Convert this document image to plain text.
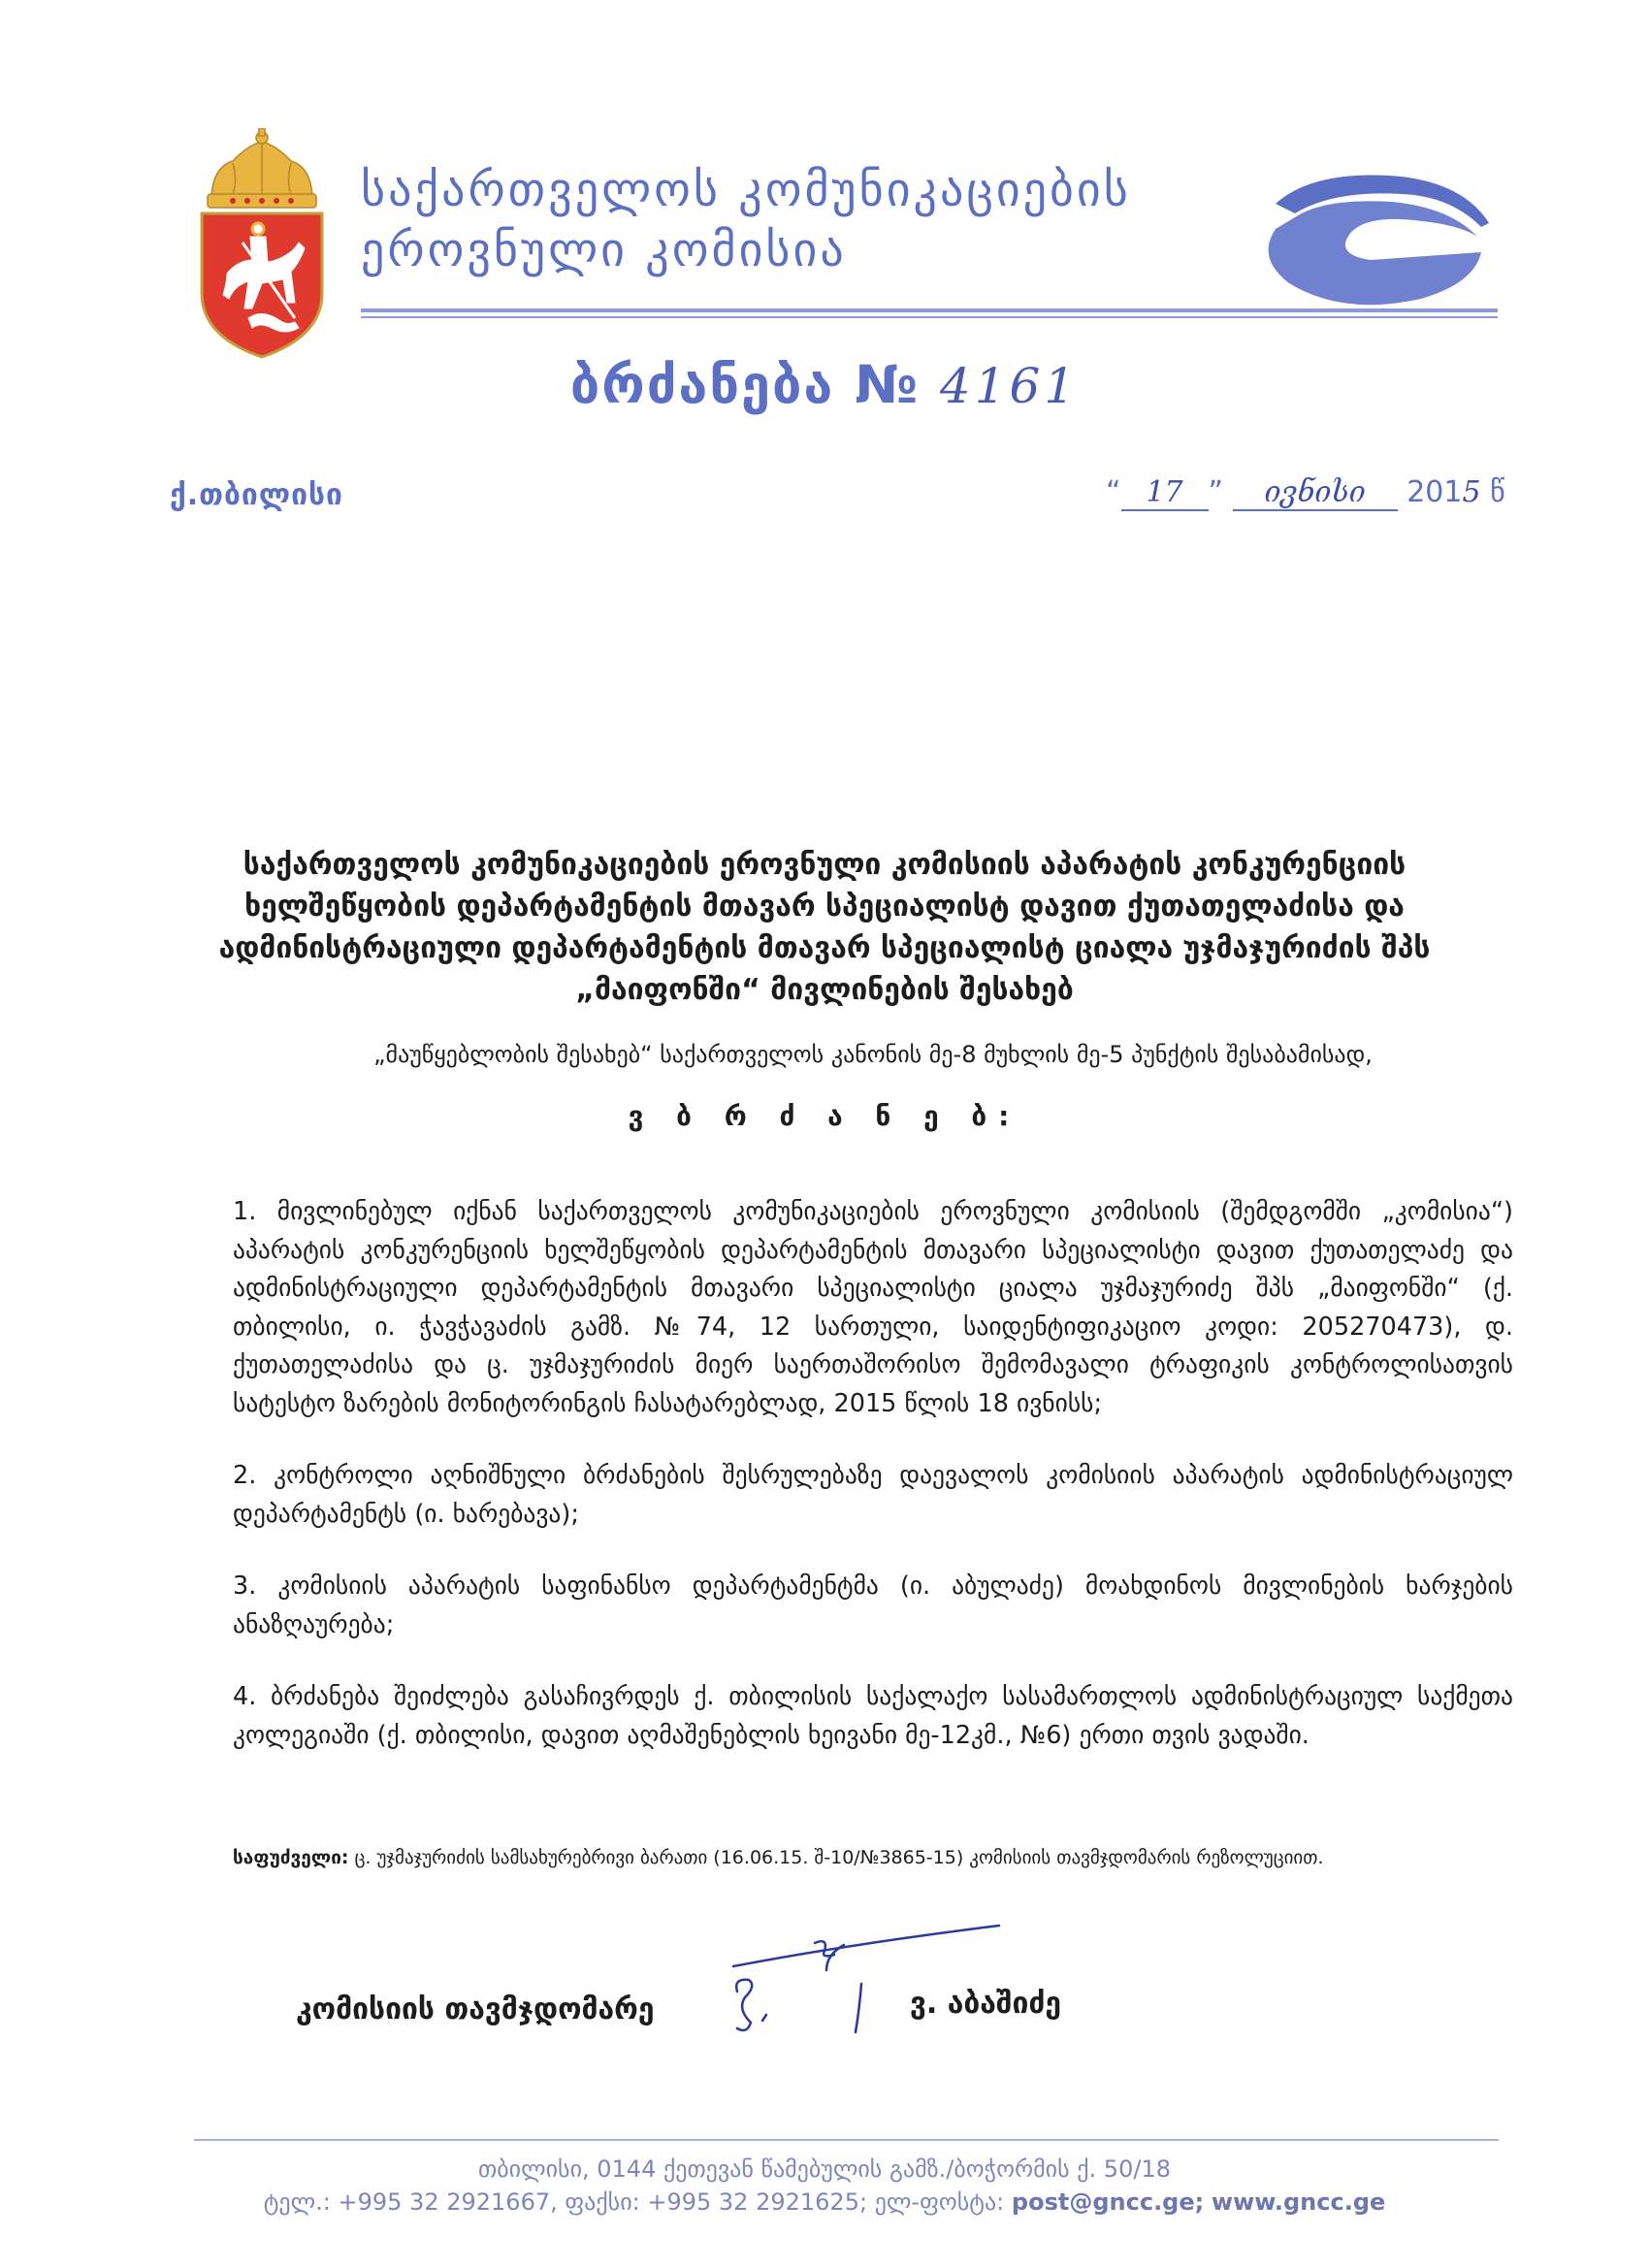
საქართველოს კომუნიკაციების
ეროვნული კომისია
ბრძანება № 4161
ქ.თბილისი	“ 17 ” ივნისი 2015 წ
საქართველოს კომუნიკაციების ეროვნული კომისიის აპარატის კონკურენციის
ხელშეწყობის დეპარტამენტის მთავარ სპეციალისტ დავით ქუთათელაძისა და
ადმინისტრაციული დეპარტამენტის მთავარ სპეციალისტ ციალა უჯმაჯურიძის შპს
„მაიფონში“ მივლინების შესახებ
„მაუწყებლობის შესახებ“ საქართველოს კანონის მე-8 მუხლის მე-5 პუნქტის შესაბამისად,
ვ ბ რ ძ ა ნ ე ბ:

1. მივლინებულ იქნან საქართველოს კომუნიკაციების ეროვნული კომისიის (შემდგომში „კომისია“) აპარატის კონკურენციის ხელშეწყობის დეპარტამენტის მთავარი სპეციალისტი დავით ქუთათელაძე და ადმინისტრაციული დეპარტამენტის მთავარი სპეციალისტი ციალა უჯმაჯურიძე შპს „მაიფონში“ (ქ. თბილისი, ი. ჭავჭავაძის გამზ. №74, 12 სართული, საიდენტიფიკაციო კოდი: 205270473), დ. ქუთათელაძისა და ც. უჯმაჯურიძის მიერ საერთაშორისო შემომავალი ტრაფიკის კონტროლისათვის სატესტო ზარების მონიტორინგის ჩასატარებლად, 2015 წლის 18 ივნისს;

2. კონტროლი აღნიშნული ბრძანების შესრულებაზე დაევალოს კომისიის აპარატის ადმინისტრაციულ დეპარტამენტს (ი. ხარებავა);

3. კომისიის აპარატის საფინანსო დეპარტამენტმა (ი. აბულაძე) მოახდინოს მივლინების ხარჯების ანაზღაურება;

4. ბრძანება შეიძლება გასაჩივრდეს ქ. თბილისის საქალაქო სასამართლოს ადმინისტრაციულ საქმეთა კოლეგიაში (ქ. თბილისი, დავით აღმაშენებლის ხეივანი მე-12კმ., №6) ერთი თვის ვადაში.

საფუძველი: ც. უჯმაჯურიძის სამსახურებრივი ბარათი (16.06.15. შ-10/№3865-15) კომისიის თავმჯდომარის რეზოლუციით.
კომისიის თავმჯდომარე	ვ. აბაშიძე
თბილისი, 0144 ქეთევან წამებულის გამზ./ბოჭორმის ქ. 50/18
ტელ.: +995 32 2921667, ფაქსი: +995 32 2921625; ელ-ფოსტა: post@gncc.ge; www.gncc.ge
